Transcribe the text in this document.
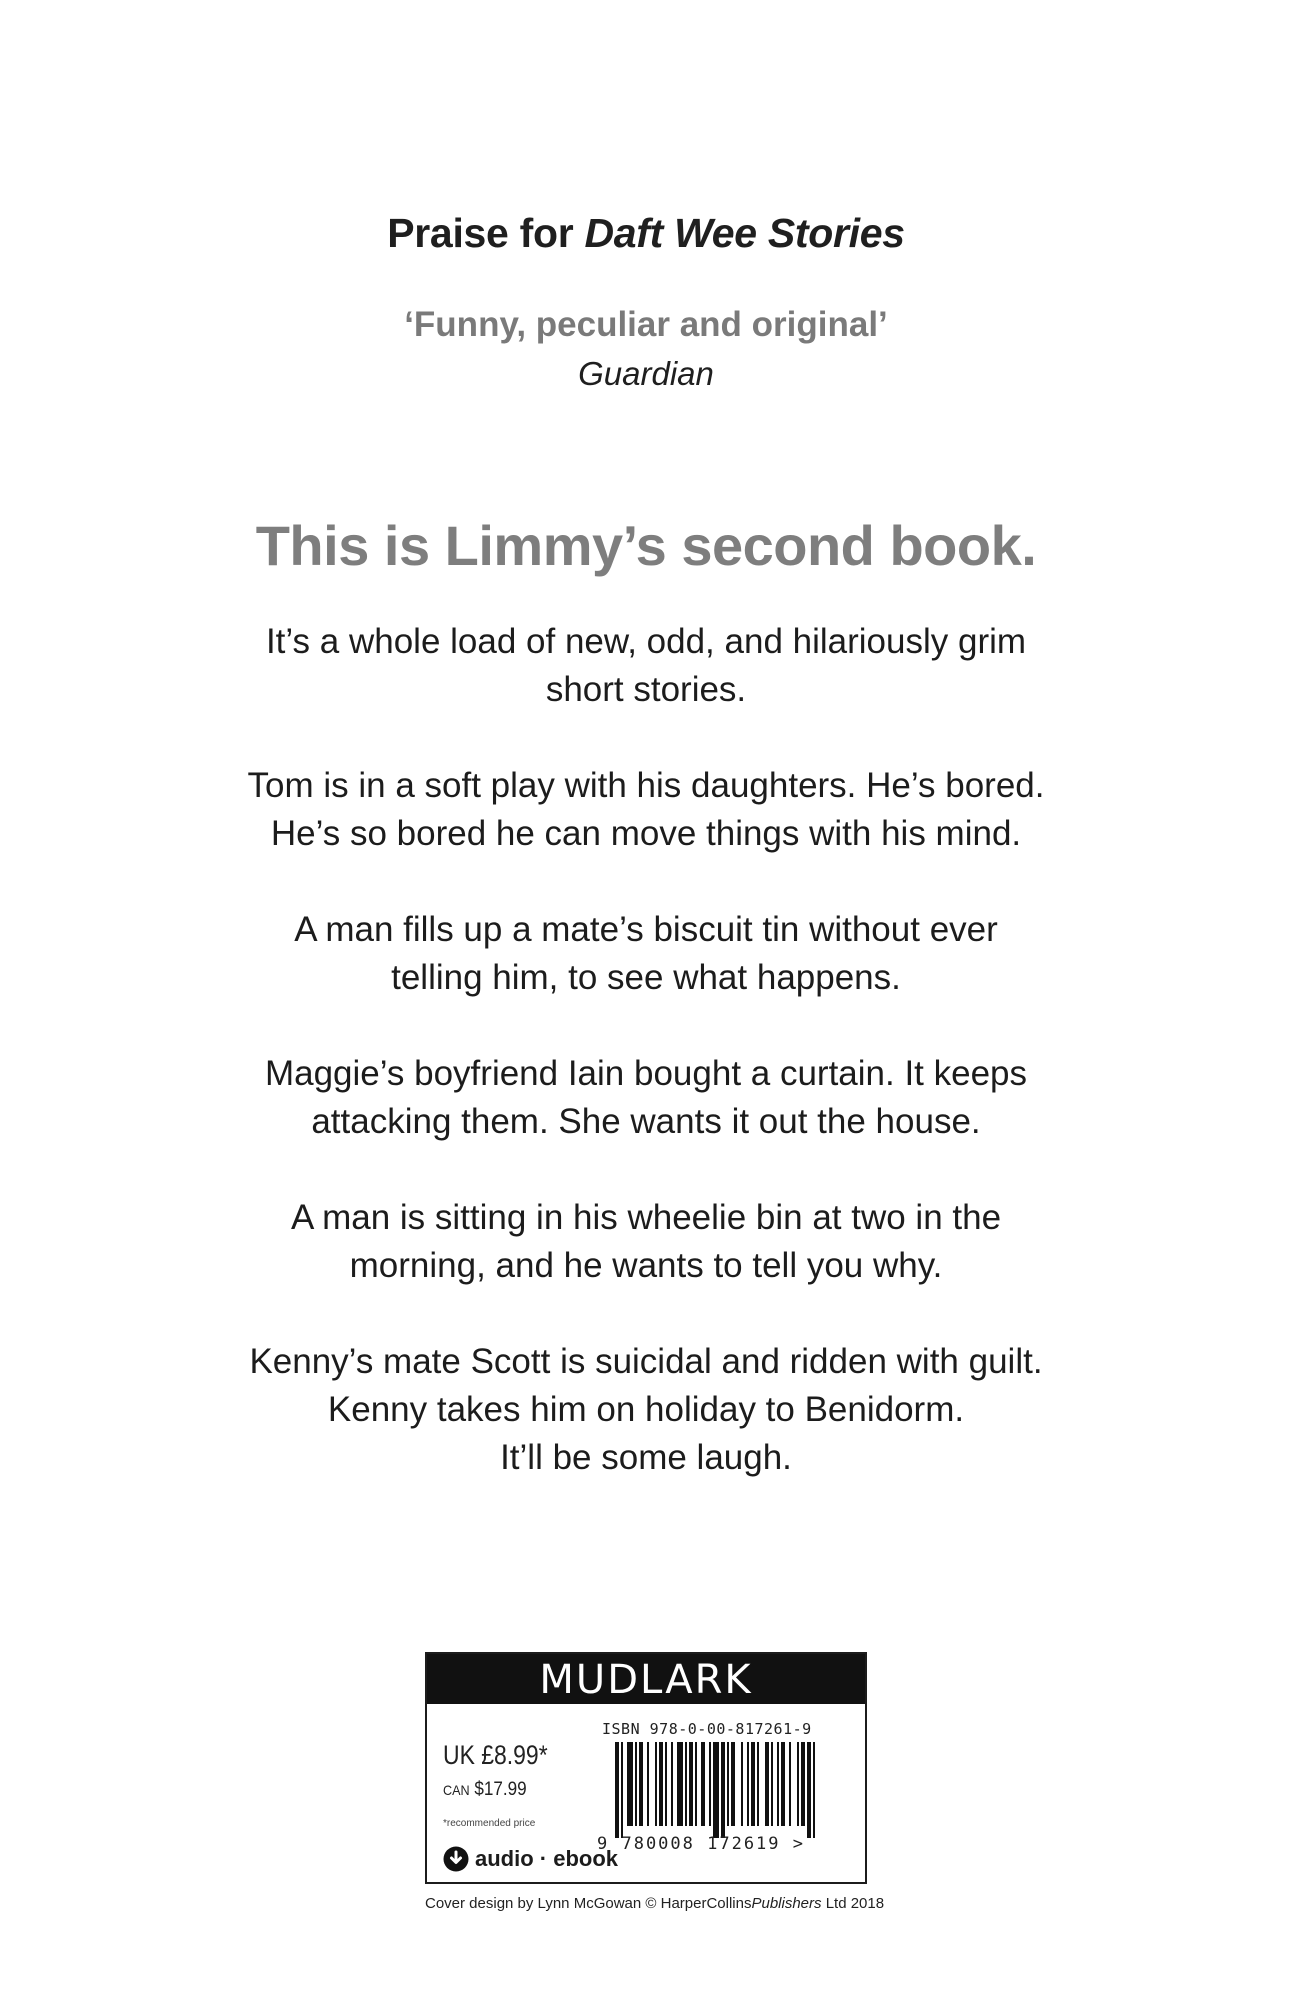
Praise for Daft Wee Stories
‘Funny, peculiar and original’
Guardian
This is Limmy’s second book.

It’s a whole load of new, odd, and hilariously grim
short stories.

Tom is in a soft play with his daughters. He’s bored.
He’s so bored he can move things with his mind.

A man fills up a mate’s biscuit tin without ever
telling him, to see what happens.

Maggie’s boyfriend Iain bought a curtain. It keeps
attacking them. She wants it out the house.

A man is sitting in his wheelie bin at two in the
morning, and he wants to tell you why.

Kenny’s mate Scott is suicidal and ridden with guilt.
Kenny takes him on holiday to Benidorm.
It’ll be some laugh.

MUDLARK
UK £8.99*
CAN $17.99
*recommended price
audio · ebook
ISBN 978-0-00-817261-9
9 780008 172619 >
Cover design by Lynn McGowan © HarperCollinsPublishers Ltd 2018
